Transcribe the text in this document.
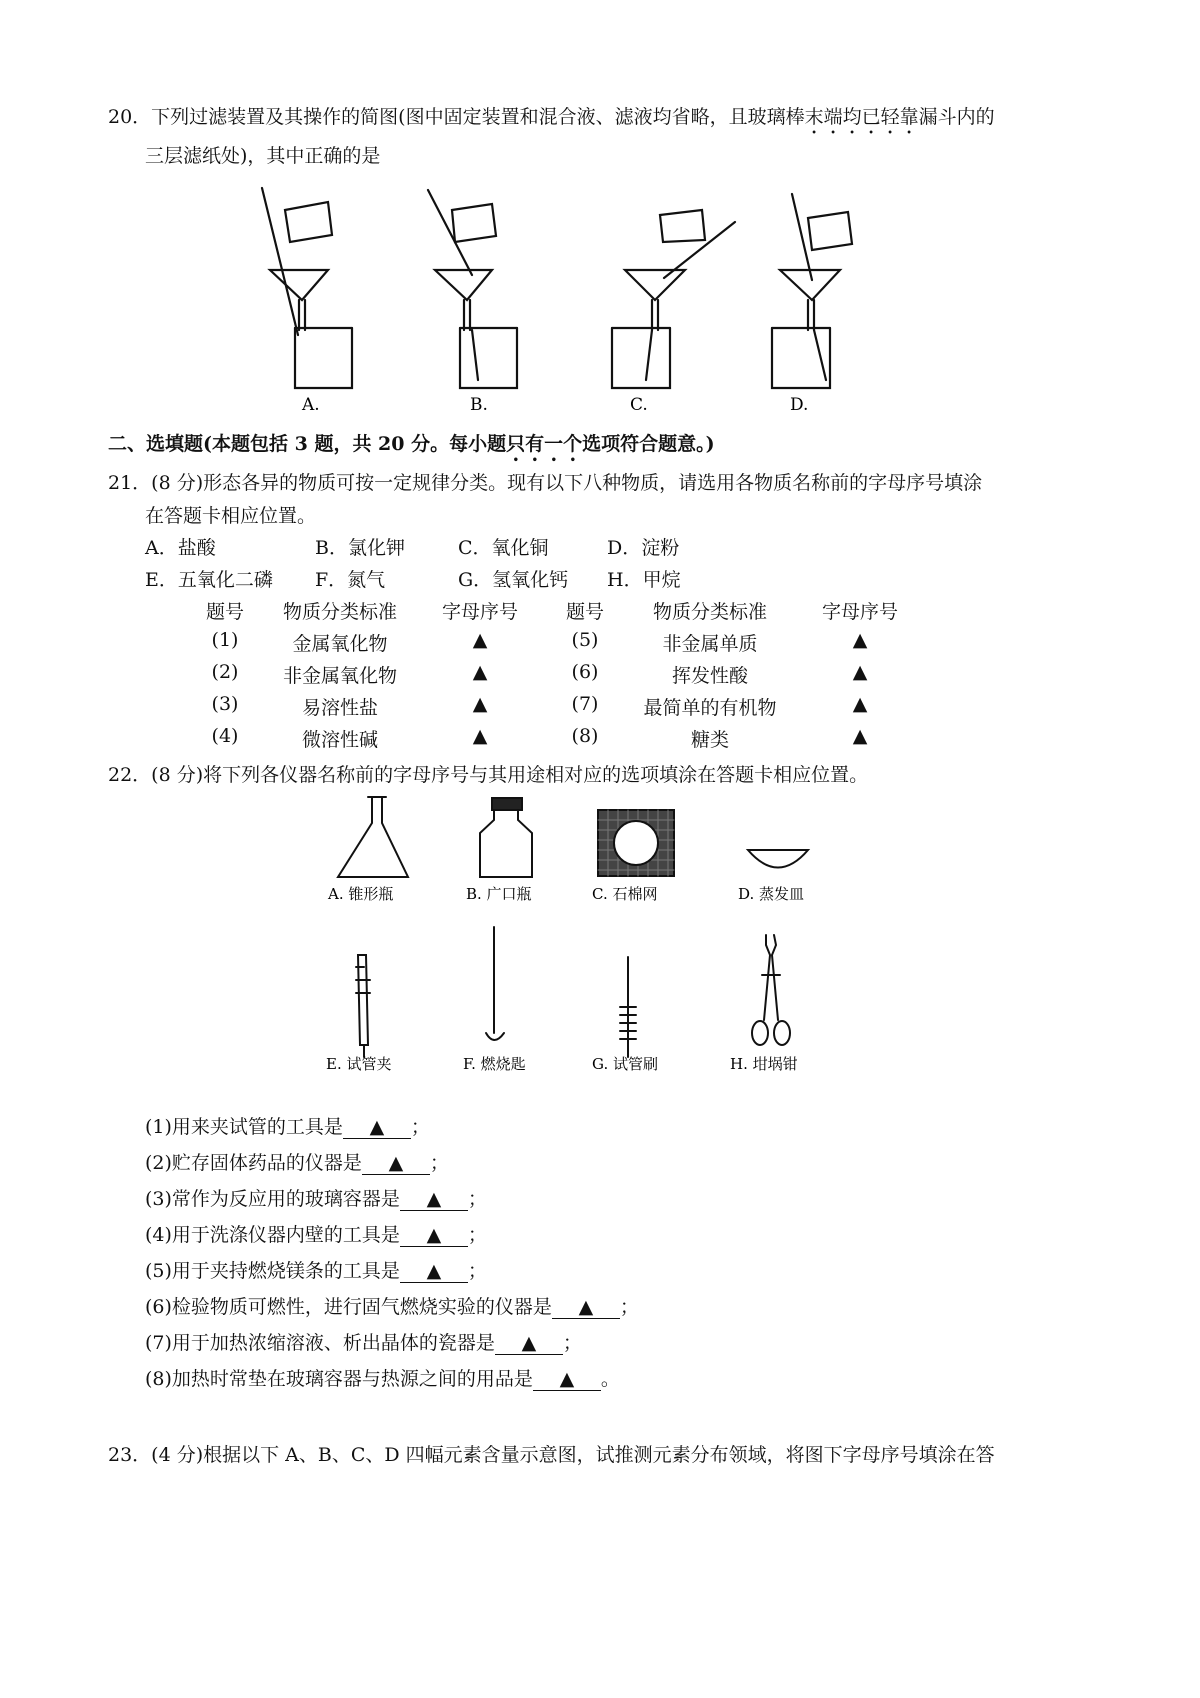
20．下列过滤装置及其操作的简图(图中固定装置和混合液、滤液均省略，且玻璃棒末端均已轻靠漏斗内的
三层滤纸处)，其中正确的是
A.	B.	C.	D.
二、选填题(本题包括 3 题，共 20 分。每小题只有一个选项符合题意。)
21．(8 分)形态各异的物质可按一定规律分类。现有以下八种物质，请选用各物质名称前的字母序号填涂
在答题卡相应位置。
A．盐酸	B．氯化钾	C．氧化铜	D．淀粉
E．五氧化二磷 F．氮气	G．氢氧化钙 H．甲烷
题号	物质分类标准	字母序号	题号	物质分类标准	字母序号
(1)	金属氧化物	▲	(5)	非金属单质	▲
(2)	非金属氧化物	▲	(6)	挥发性酸	▲
(3)	易溶性盐	▲	(7)	最简单的有机物	▲
(4)	微溶性碱	▲	(8)	糖类	▲
22．(8 分)将下列各仪器名称前的字母序号与其用途相对应的选项填涂在答题卡相应位置。
A. 锥形瓶	B. 广口瓶	C. 石棉网	D. 蒸发皿
E. 试管夹	F. 燃烧匙	G. 试管刷	H. 坩埚钳
(1)用来夹试管的工具是 ▲ ；
(2)贮存固体药品的仪器是 ▲ ；
(3)常作为反应用的玻璃容器是 ▲ ；
(4)用于洗涤仪器内壁的工具是 ▲ ；
(5)用于夹持燃烧镁条的工具是 ▲ ；
(6)检验物质可燃性，进行固气燃烧实验的仪器是 ▲ ；
(7)用于加热浓缩溶液、析出晶体的瓷器是 ▲ ；
(8)加热时常垫在玻璃容器与热源之间的用品是 ▲ 。
23．(4 分)根据以下 A、B、C、D 四幅元素含量示意图，试推测元素分布领域，将图下字母序号填涂在答
